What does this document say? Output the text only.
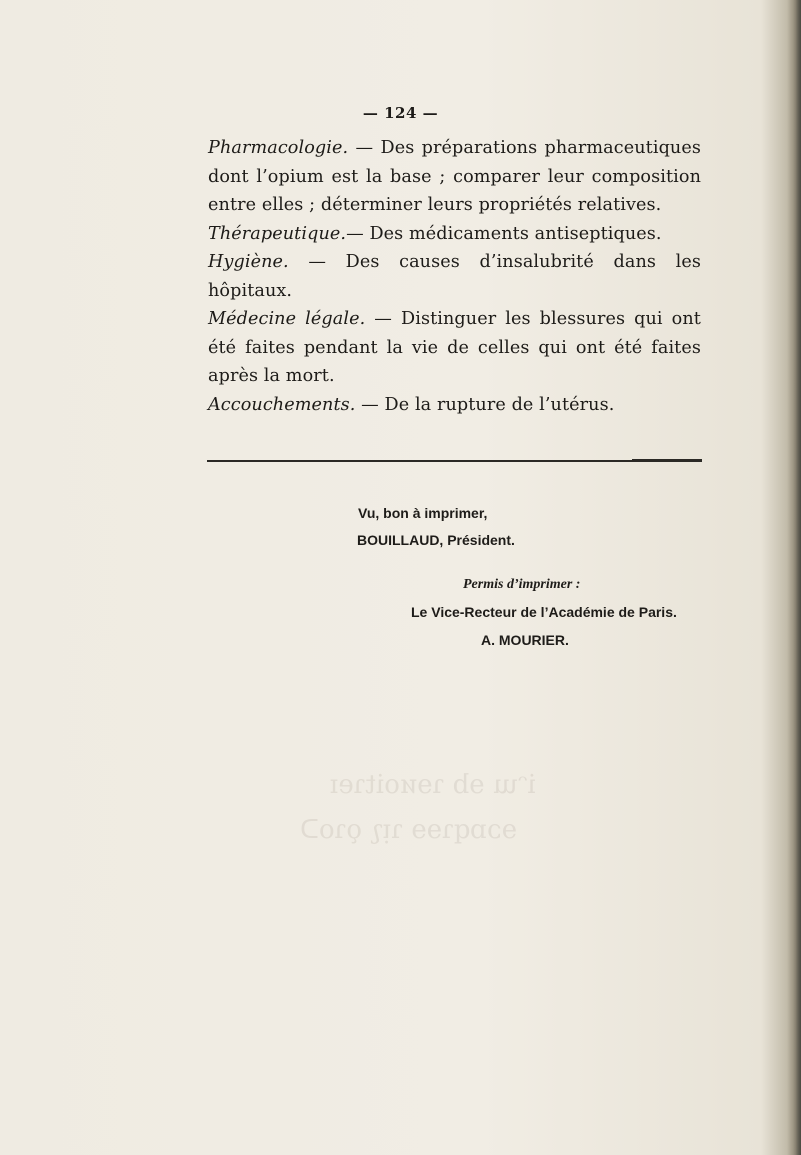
iᵔɯ ɘb ɿɘᴎoitɿeɪ
ɘɔɒqɿɘɘ ɿᴉʅ ǫɿoᑐ
— 124 —

Pharmacologie. — Des préparations pharmaceutiques dont l’opium est la base ; comparer leur composition entre elles ; déterminer leurs propriétés relatives.

Thérapeutique.— Des médicaments antiseptiques.

Hygiène. — Des causes d’insalubrité dans les hôpitaux.

Médecine légale. — Distinguer les blessures qui ont été faites pendant la vie de celles qui ont été faites après la mort.

Accouchements. — De la rupture de l’utérus.

Vu, bon à imprimer,
BOUILLAUD, Président.
Permis d’imprimer :
Le Vice-Recteur de l’Académie de Paris.
A. MOURIER.
